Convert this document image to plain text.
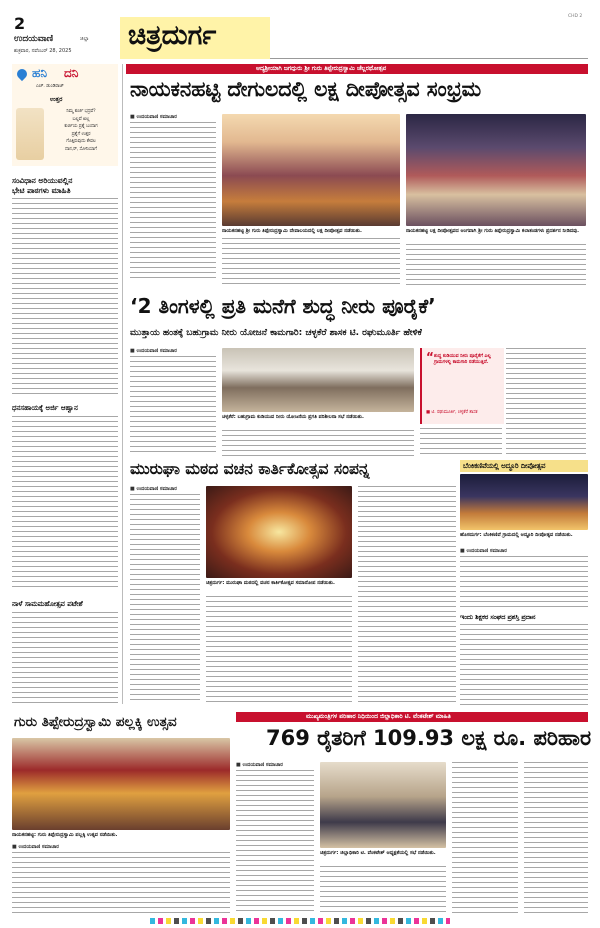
2
ಉದಯವಾಣಿ	ಜಿಲ್ಲಾ
ಶುಕ್ರವಾರ, ನವೆಂಬರ್ 28, 2025 ಚಿತ್ರದುರ್ಗ
CHD 2
ಹನಿ ದನಿ
ಎಚ್. ಡುಂಡಿರಾಜ್
ಉತ್ತರ
ನಿಮ್ಮ ಕುರ್ಚಿ ಭದ್ರವೆ?
ಬಲ್ಲವೆ ಖಲ್ಲ
ಕುರ್ಚಿಯ ಪ್ರಶ್ನೆ ಬಂದಾಗ
ಪ್ರಶ್ನೆಗೆ ಉತ್ತರ
ಗೊತ್ತಿರುವುದು ಕೇವಲ
ದಾನ,ರ್, ಸೋನಿಯಾಗೆ
ಸಂವಿಧಾನ ಅರಿಯುವಲ್ಲಿನ
ಭೇಟಿ ಪಾಠಗಳು ಮಾಹಿತಿ
ಧನಸಹಾಯಕ್ಕೆ ಅರ್ಜಿ ಆಹ್ವಾನ
ನಾಳೆ ಸಾಮಮಹೋತ್ಸವ ಪಟೇಶೆ
ಆದ್ಯಶ್ರೀಯಾಗಿ ಜಗದ್ಗುರು ಶ್ರೀ ಗುರು ತಿಪ್ಪೇರುದ್ರಸ್ವಾಮಿ ಚೆಲ್ಲರಥೋತ್ಸವ
ನಾಯಕನಹಟ್ಟಿ ದೇಗುಲದಲ್ಲಿ ಲಕ್ಷ ದೀಪೋತ್ಸವ ಸಂಭ್ರಮ
■ ಉದಯವಾಣಿ ಸಮಾಚಾರ
ನಾಯಕನಹಟ್ಟಿ ಶ್ರೀ ಗುರು ತಿಪ್ಪೇರುದ್ರಸ್ವಾಮಿ ದೇವಾಲಯದಲ್ಲಿ ಲಕ್ಷ ದೀಪೋತ್ಸವ ನಡೆಯಿತು.	ನಾಯಕನಹಟ್ಟಿ ಲಕ್ಷ ದೀಪೋತ್ಸವದ ಅಂಗವಾಗಿ ಶ್ರೀ ಗುರು ತಿಪ್ಪೇರುದ್ರಸ್ವಾಮಿ ಕಲಾತಂಡಗಳು ಪ್ರದರ್ಶನ ನೀಡಿದವು.
‘2 ತಿಂಗಳಲ್ಲಿ ಪ್ರತಿ ಮನೆಗೆ ಶುದ್ಧ ನೀರು ಪೂರೈಕೆ’
ಮುತ್ತಾಯ ಹಂತಕ್ಕೆ ಬಹುಗ್ರಾಮ ನೀರು ಯೋಜನೆ ಕಾಮಗಾರಿ: ಚಳ್ಳಕೆರೆ ಶಾಸಕ ಟಿ. ರಘುಮೂರ್ತಿ ಹೇಳಿಕೆ
■ ಉದಯವಾಣಿ ಸಮಾಚಾರ
ಚಳ್ಳಕೆರೆ: ಬಹುಗ್ರಾಮ ಕುಡಿಯುವ ನೀರು ಯೋಜನೆಯ ಪ್ರಗತಿ ಪರಿಶೀಲನಾ ಸಭೆ ನಡೆಯಿತು.
“ ಶುದ್ಧ ಕುಡಿಯುವ ನೀರು ಪೂರೈಕೆಗೆ ಎಲ್ಲ ಗ್ರಾಮಗಳಲ್ಲಿ ಕಾಮಗಾರಿ ನಡೆಯುತ್ತಿದೆ.
■ ಟಿ. ರಘುಮೂರ್ತಿ, ಚಳ್ಳಕೆರೆ ಶಾಸಕ
ಮುರುಘಾ ಮಠದ ವಚನ ಕಾರ್ತಿಕೋತ್ಸವ ಸಂಪನ್ನ
■ ಉದಯವಾಣಿ ಸಮಾಚಾರ
ಚಿತ್ರದುರ್ಗ: ಮುರುಘಾ ಮಠದಲ್ಲಿ ವಚನ ಕಾರ್ತಿಕೋತ್ಸವ ಸಮಾರೋಪ ನಡೆಯಿತು.
ಬೆಂಕಿಕಣಿವೆಯಲ್ಲಿ ಅದ್ಧೂರಿ ದೀಪೋತ್ಸವ
ಹೊಸದುರ್ಗ: ಬೆಂಕಿಕಣಿವೆ ಗ್ರಾಮದಲ್ಲಿ ಅದ್ಧೂರಿ ದೀಪೋತ್ಸವ ನಡೆಯಿತು.
■ ಉದಯವಾಣಿ ಸಮಾಚಾರ
ಇಂದು ಶಿಕ್ಷಕರ ಸಂಘದ ಪ್ರಶಸ್ತಿ ಪ್ರದಾನ
ಗುರು ತಿಪ್ಪೇರುದ್ರಸ್ವಾಮಿ ಪಲ್ಲಕ್ಕಿ ಉತ್ಸವ
ನಾಯಕನಹಟ್ಟಿ: ಗುರು ತಿಪ್ಪೇರುದ್ರಸ್ವಾಮಿ ಪಲ್ಲಕ್ಕಿ ಉತ್ಸವ ನಡೆಯಿತು.
■ ಉದಯವಾಣಿ ಸಮಾಚಾರ
ಮುಖ್ಯಮಂತ್ರಿಗಳ ಪರಿಹಾರ ನಿಧಿಯಿಂದ ಜಿಲ್ಲಾಧಿಕಾರಿ ಟಿ. ವೆಂಕಟೇಶ್ ಮಾಹಿತಿ
769 ರೈತರಿಗೆ 109.93 ಲಕ್ಷ ರೂ. ಪರಿಹಾರ
■ ಉದಯವಾಣಿ ಸಮಾಚಾರ
ಚಿತ್ರದುರ್ಗ: ಜಿಲ್ಲಾಧಿಕಾರಿ ಟಿ. ವೆಂಕಟೇಶ್ ಅಧ್ಯಕ್ಷತೆಯಲ್ಲಿ ಸಭೆ ನಡೆಯಿತು.
